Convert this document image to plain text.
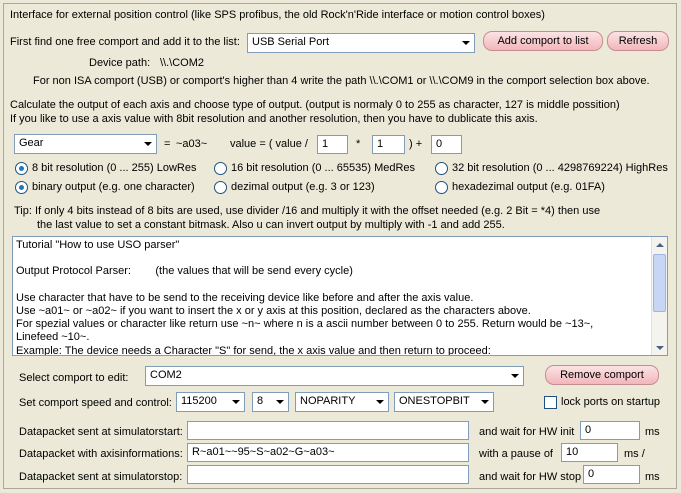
Interface for external position control (like SPS profibus, the old Rock'n'Ride interface or motion control boxes)
First find one free comport and add it to the list:	USB Serial Port	Add comport to list	Refresh
Device path: \\.\COM2
For non ISA comport (USB) or comport's higher than 4 write the path \\.\COM1 or \\.\COM9 in the comport selection box above.
Calculate the output of each axis and choose type of output. (output is normaly 0 to 255 as character, 127 is middle possition)
If you like to use a axis value with 8bit resolution and another resolution, then you have to dublicate this axis.
Gear	= ~a03~ value = ( value /	1	*	1	) +	0
8 bit resolution (0 ... 255) LowRes	16 bit resolution (0 ... 65535) MedRes	32 bit resolution (0 ... 4298769224) HighRes
binary output (e.g. one character)	dezimal output (e.g. 3 or 123)	hexadezimal output (e.g. 01FA)
Tip: If only 4 bits instead of 8 bits are used, use divider /16 and multiply it with the offset needed (e.g. 2 Bit = *4) then use
the last value to set a constant bitmask. Also u can invert output by multiply with -1 and add 255.
Tutorial "How to use USO parser"

Output Protocol Parser:        (the values that will be send every cycle)

Use character that have to be send to the receiving device like before and after the axis value.
Use ~a01~ or ~a02~ if you want to insert the x or y axis at this position, declared as the characters above.
For spezial values or character like return use ~n~ where n is a ascii number between 0 to 255. Return would be ~13~,
Linefeed ~10~.
Example: The device needs a Character "S" for send, the x axis value and then return to proceed:
Select comport to edit:	COM2	Remove comport
Set comport speed and control: 115200	8	NOPARITY	ONESTOPBIT	lock ports on startup
Datapacket sent at simulatorstart:	and wait for HW init 0	ms
Datapacket with axisinformations: R~a01~~95~S~a02~G~a03~	with a pause of	10	ms /
Datapacket sent at simulatorstop:	and wait for HW stop 0	ms
